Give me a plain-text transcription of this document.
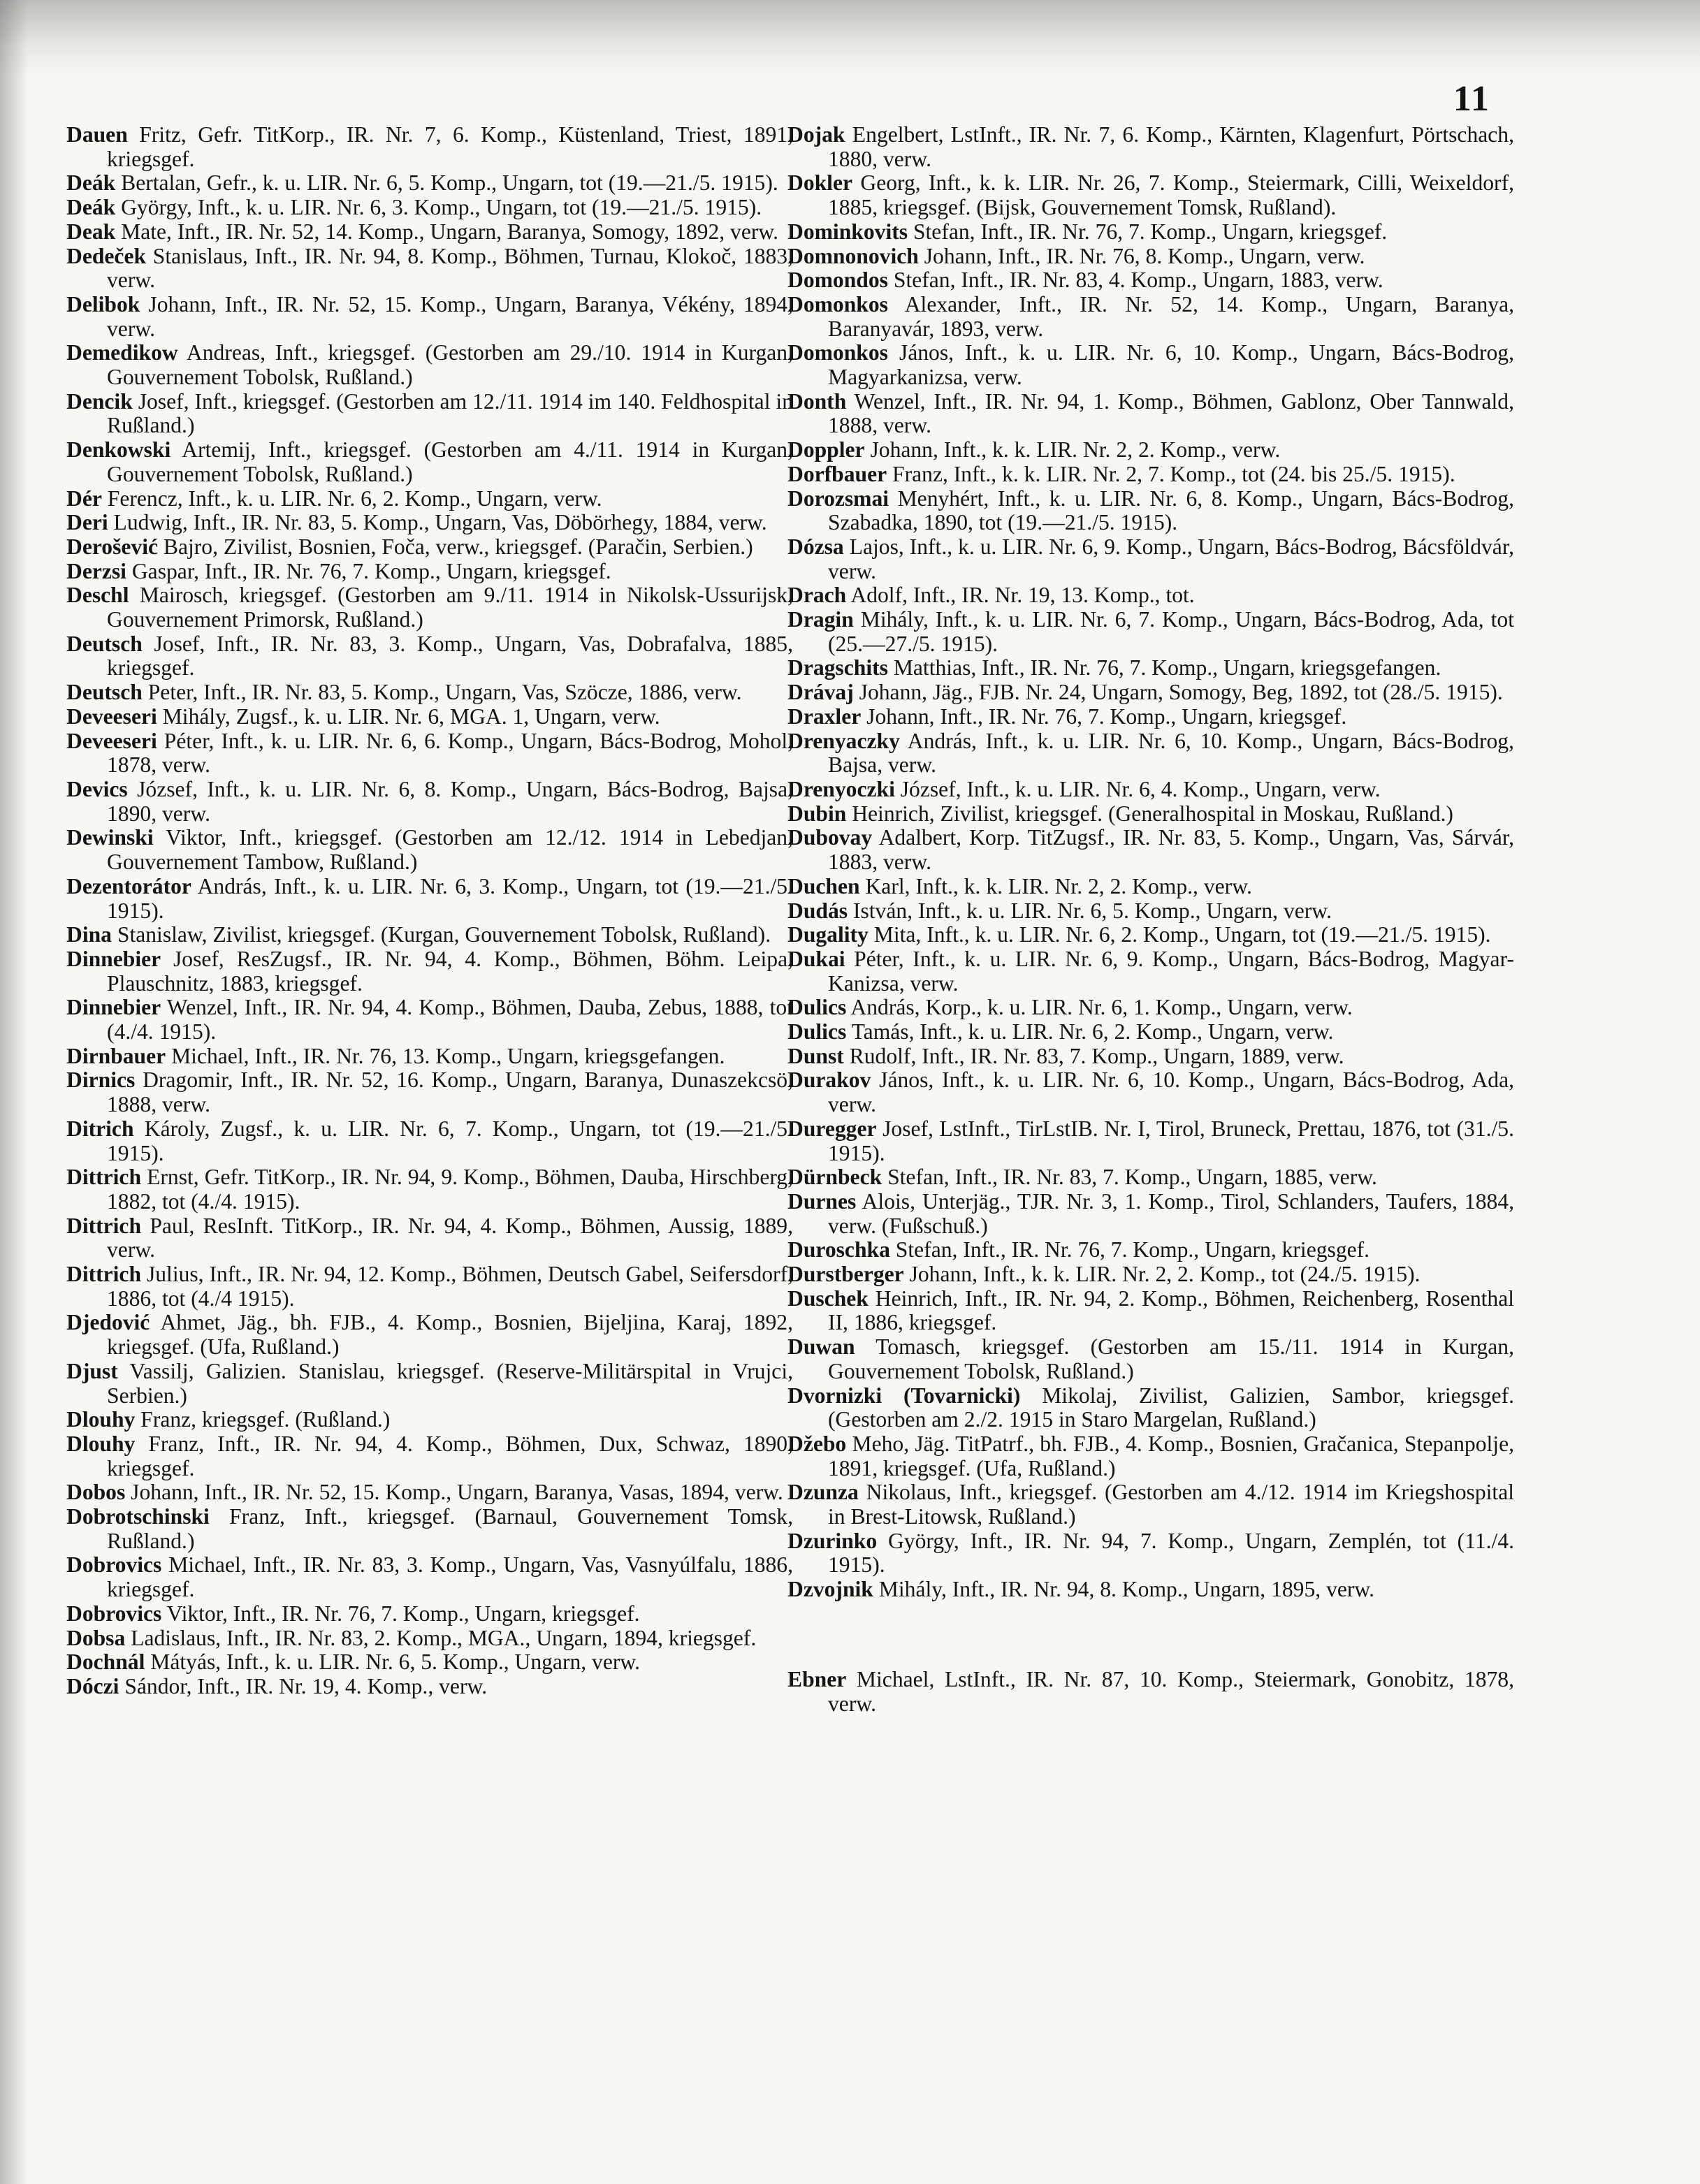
11

Dauen Fritz, Gefr. TitKorp., IR. Nr. 7, 6. Komp., Küstenland, Triest, 1891, kriegsgef.

Deák Bertalan, Gefr., k. u. LIR. Nr. 6, 5. Komp., Ungarn, tot (19.—21./5. 1915).

Deák György, Inft., k. u. LIR. Nr. 6, 3. Komp., Ungarn, tot (19.—21./5. 1915).

Deak Mate, Inft., IR. Nr. 52, 14. Komp., Ungarn, Baranya, Somogy, 1892, verw.

Dedeček Stanislaus, Inft., IR. Nr. 94, 8. Komp., Böhmen, Turnau, Klokoč, 1883, verw.

Delibok Johann, Inft., IR. Nr. 52, 15. Komp., Ungarn, Baranya, Vékény, 1894, verw.

Demedikow Andreas, Inft., kriegsgef. (Gestorben am 29./10. 1914 in Kurgan, Gouvernement Tobolsk, Rußland.)

Dencik Josef, Inft., kriegsgef. (Gestorben am 12./11. 1914 im 140. Feldhospital in Rußland.)

Denkowski Artemij, Inft., kriegsgef. (Gestorben am 4./11. 1914 in Kurgan, Gouvernement Tobolsk, Rußland.)

Dér Ferencz, Inft., k. u. LIR. Nr. 6, 2. Komp., Ungarn, verw.

Deri Ludwig, Inft., IR. Nr. 83, 5. Komp., Ungarn, Vas, Döbörhegy, 1884, verw.

Derošević Bajro, Zivilist, Bosnien, Foča, verw., kriegsgef. (Paračin, Serbien.)

Derzsi Gaspar, Inft., IR. Nr. 76, 7. Komp., Ungarn, kriegsgef.

Deschl Mairosch, kriegsgef. (Gestorben am 9./11. 1914 in Nikolsk-Ussurijsk, Gouvernement Primorsk, Rußland.)

Deutsch Josef, Inft., IR. Nr. 83, 3. Komp., Ungarn, Vas, Dobrafalva, 1885, kriegsgef.

Deutsch Peter, Inft., IR. Nr. 83, 5. Komp., Ungarn, Vas, Szöcze, 1886, verw.

Deveeseri Mihály, Zugsf., k. u. LIR. Nr. 6, MGA. 1, Ungarn, verw.

Deveeseri Péter, Inft., k. u. LIR. Nr. 6, 6. Komp., Ungarn, Bács-Bodrog, Mohol, 1878, verw.

Devics József, Inft., k. u. LIR. Nr. 6, 8. Komp., Ungarn, Bács-Bodrog, Bajsa, 1890, verw.

Dewinski Viktor, Inft., kriegsgef. (Gestorben am 12./12. 1914 in Lebedjan, Gouvernement Tambow, Rußland.)

Dezentorátor András, Inft., k. u. LIR. Nr. 6, 3. Komp., Ungarn, tot (19.—21./5. 1915).

Dina Stanislaw, Zivilist, kriegsgef. (Kurgan, Gouvernement Tobolsk, Rußland).

Dinnebier Josef, ResZugsf., IR. Nr. 94, 4. Komp., Böhmen, Böhm. Leipa, Plauschnitz, 1883, kriegsgef.

Dinnebier Wenzel, Inft., IR. Nr. 94, 4. Komp., Böhmen, Dauba, Zebus, 1888, tot (4./4. 1915).

Dirnbauer Michael, Inft., IR. Nr. 76, 13. Komp., Ungarn, kriegsgefangen.

Dirnics Dragomir, Inft., IR. Nr. 52, 16. Komp., Ungarn, Baranya, Dunaszekcsö, 1888, verw.

Ditrich Károly, Zugsf., k. u. LIR. Nr. 6, 7. Komp., Ungarn, tot (19.—21./5. 1915).

Dittrich Ernst, Gefr. TitKorp., IR. Nr. 94, 9. Komp., Böhmen, Dauba, Hirschberg, 1882, tot (4./4. 1915).

Dittrich Paul, ResInft. TitKorp., IR. Nr. 94, 4. Komp., Böhmen, Aussig, 1889, verw.

Dittrich Julius, Inft., IR. Nr. 94, 12. Komp., Böhmen, Deutsch Gabel, Seifersdorf, 1886, tot (4./4 1915).

Djedović Ahmet, Jäg., bh. FJB., 4. Komp., Bosnien, Bijeljina, Karaj, 1892, kriegsgef. (Ufa, Rußland.)

Djust Vassilj, Galizien. Stanislau, kriegsgef. (Reserve-Militärspital in Vrujci, Serbien.)

Dlouhy Franz, kriegsgef. (Rußland.)

Dlouhy Franz, Inft., IR. Nr. 94, 4. Komp., Böhmen, Dux, Schwaz, 1890, kriegsgef.

Dobos Johann, Inft., IR. Nr. 52, 15. Komp., Ungarn, Baranya, Vasas, 1894, verw.

Dobrotschinski Franz, Inft., kriegsgef. (Barnaul, Gouvernement Tomsk, Rußland.)

Dobrovics Michael, Inft., IR. Nr. 83, 3. Komp., Ungarn, Vas, Vasnyúlfalu, 1886, kriegsgef.

Dobrovics Viktor, Inft., IR. Nr. 76, 7. Komp., Ungarn, kriegsgef.

Dobsa Ladislaus, Inft., IR. Nr. 83, 2. Komp., MGA., Ungarn, 1894, kriegsgef.

Dochnál Mátyás, Inft., k. u. LIR. Nr. 6, 5. Komp., Ungarn, verw.

Dóczi Sándor, Inft., IR. Nr. 19, 4. Komp., verw.

Dojak Engelbert, LstInft., IR. Nr. 7, 6. Komp., Kärnten, Klagenfurt, Pörtschach, 1880, verw.

Dokler Georg, Inft., k. k. LIR. Nr. 26, 7. Komp., Steiermark, Cilli, Weixeldorf, 1885, kriegsgef. (Bijsk, Gouvernement Tomsk, Rußland).

Dominkovits Stefan, Inft., IR. Nr. 76, 7. Komp., Ungarn, kriegsgef.

Domnonovich Johann, Inft., IR. Nr. 76, 8. Komp., Ungarn, verw.

Domondos Stefan, Inft., IR. Nr. 83, 4. Komp., Ungarn, 1883, verw.

Domonkos Alexander, Inft., IR. Nr. 52, 14. Komp., Ungarn, Baranya, Baranyavár, 1893, verw.

Domonkos János, Inft., k. u. LIR. Nr. 6, 10. Komp., Ungarn, Bács-Bodrog, Magyarkanizsa, verw.

Donth Wenzel, Inft., IR. Nr. 94, 1. Komp., Böhmen, Gablonz, Ober Tannwald, 1888, verw.

Doppler Johann, Inft., k. k. LIR. Nr. 2, 2. Komp., verw.

Dorfbauer Franz, Inft., k. k. LIR. Nr. 2, 7. Komp., tot (24. bis 25./5. 1915).

Dorozsmai Menyhért, Inft., k. u. LIR. Nr. 6, 8. Komp., Ungarn, Bács-Bodrog, Szabadka, 1890, tot (19.—21./5. 1915).

Dózsa Lajos, Inft., k. u. LIR. Nr. 6, 9. Komp., Ungarn, Bács-Bodrog, Bácsföldvár, verw.

Drach Adolf, Inft., IR. Nr. 19, 13. Komp., tot.

Dragin Mihály, Inft., k. u. LIR. Nr. 6, 7. Komp., Ungarn, Bács-Bodrog, Ada, tot (25.—27./5. 1915).

Dragschits Matthias, Inft., IR. Nr. 76, 7. Komp., Ungarn, kriegsgefangen.

Drávaj Johann, Jäg., FJB. Nr. 24, Ungarn, Somogy, Beg, 1892, tot (28./5. 1915).

Draxler Johann, Inft., IR. Nr. 76, 7. Komp., Ungarn, kriegsgef.

Drenyaczky András, Inft., k. u. LIR. Nr. 6, 10. Komp., Ungarn, Bács-Bodrog, Bajsa, verw.

Drenyoczki József, Inft., k. u. LIR. Nr. 6, 4. Komp., Ungarn, verw.

Dubin Heinrich, Zivilist, kriegsgef. (Generalhospital in Moskau, Rußland.)

Dubovay Adalbert, Korp. TitZugsf., IR. Nr. 83, 5. Komp., Ungarn, Vas, Sárvár, 1883, verw.

Duchen Karl, Inft., k. k. LIR. Nr. 2, 2. Komp., verw.

Dudás István, Inft., k. u. LIR. Nr. 6, 5. Komp., Ungarn, verw.

Dugality Mita, Inft., k. u. LIR. Nr. 6, 2. Komp., Ungarn, tot (19.—21./5. 1915).

Dukai Péter, Inft., k. u. LIR. Nr. 6, 9. Komp., Ungarn, Bács-Bodrog, Magyar-Kanizsa, verw.

Dulics András, Korp., k. u. LIR. Nr. 6, 1. Komp., Ungarn, verw.

Dulics Tamás, Inft., k. u. LIR. Nr. 6, 2. Komp., Ungarn, verw.

Dunst Rudolf, Inft., IR. Nr. 83, 7. Komp., Ungarn, 1889, verw.

Durakov János, Inft., k. u. LIR. Nr. 6, 10. Komp., Ungarn, Bács-Bodrog, Ada, verw.

Duregger Josef, LstInft., TirLstIB. Nr. I, Tirol, Bruneck, Prettau, 1876, tot (31./5. 1915).

Dürnbeck Stefan, Inft., IR. Nr. 83, 7. Komp., Ungarn, 1885, verw.

Durnes Alois, Unterjäg., TJR. Nr. 3, 1. Komp., Tirol, Schlanders, Taufers, 1884, verw. (Fußschuß.)

Duroschka Stefan, Inft., IR. Nr. 76, 7. Komp., Ungarn, kriegsgef.

Durstberger Johann, Inft., k. k. LIR. Nr. 2, 2. Komp., tot (24./5. 1915).

Duschek Heinrich, Inft., IR. Nr. 94, 2. Komp., Böhmen, Reichenberg, Rosenthal II, 1886, kriegsgef.

Duwan Tomasch, kriegsgef. (Gestorben am 15./11. 1914 in Kurgan, Gouvernement Tobolsk, Rußland.)

Dvornizki (Tovarnicki) Mikolaj, Zivilist, Galizien, Sambor, kriegsgef. (Gestorben am 2./2. 1915 in Staro Margelan, Rußland.)

Džebo Meho, Jäg. TitPatrf., bh. FJB., 4. Komp., Bosnien, Gračanica, Stepanpolje, 1891, kriegsgef. (Ufa, Rußland.)

Dzunza Nikolaus, Inft., kriegsgef. (Gestorben am 4./12. 1914 im Kriegshospital in Brest-Litowsk, Rußland.)

Dzurinko György, Inft., IR. Nr. 94, 7. Komp., Ungarn, Zemplén, tot (11./4. 1915).

Dzvojnik Mihály, Inft., IR. Nr. 94, 8. Komp., Ungarn, 1895, verw.

Ebner Michael, LstInft., IR. Nr. 87, 10. Komp., Steiermark, Gonobitz, 1878, verw.
